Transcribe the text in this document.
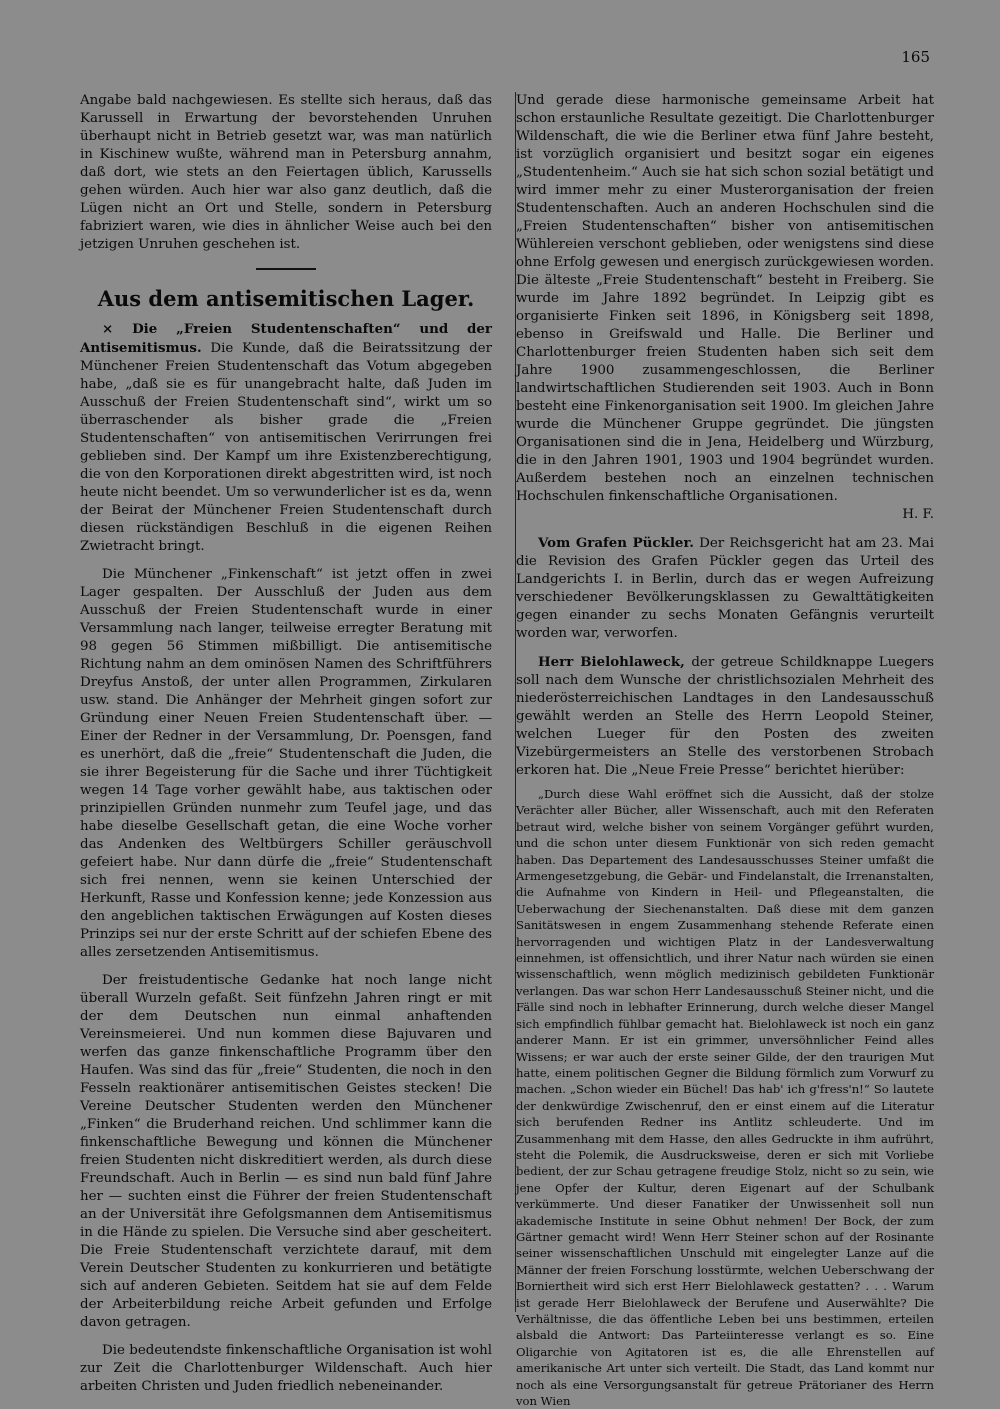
165

Angabe bald nachgewiesen. Es stellte sich heraus, daß das Karussell in Erwartung der bevorstehenden Unruhen überhaupt nicht in Betrieb gesetzt war, was man natürlich in Kischinew wußte, während man in Petersburg annahm, daß dort, wie stets an den Feiertagen üblich, Karussells gehen würden. Auch hier war also ganz deutlich, daß die Lügen nicht an Ort und Stelle, sondern in Petersburg fabriziert waren, wie dies in ähnlicher Weise auch bei den jetzigen Unruhen geschehen ist.

Aus dem antisemitischen Lager.

× Die „Freien Studentenschaften“ und der Antisemitismus. Die Kunde, daß die Beiratssitzung der Münchener Freien Studentenschaft das Votum abgegeben habe, „daß sie es für unangebracht halte, daß Juden im Ausschuß der Freien Studentenschaft sind“, wirkt um so überraschender als bisher grade die „Freien Studentenschaften“ von antisemitischen Verirrungen frei geblieben sind. Der Kampf um ihre Existenzberechtigung, die von den Korporationen direkt abgestritten wird, ist noch heute nicht beendet. Um so verwunderlicher ist es da, wenn der Beirat der Münchener Freien Studentenschaft durch diesen rückständigen Beschluß in die eigenen Reihen Zwietracht bringt.

Die Münchener „Finkenschaft“ ist jetzt offen in zwei Lager gespalten. Der Ausschluß der Juden aus dem Ausschuß der Freien Studentenschaft wurde in einer Versammlung nach langer, teilweise erregter Beratung mit 98 gegen 56 Stimmen mißbilligt. Die antisemitische Richtung nahm an dem ominösen Namen des Schriftführers Dreyfus Anstoß, der unter allen Programmen, Zirkularen usw. stand. Die Anhänger der Mehrheit gingen sofort zur Gründung einer Neuen Freien Studentenschaft über. — Einer der Redner in der Versammlung, Dr. Poensgen, fand es unerhört, daß die „freie“ Studentenschaft die Juden, die sie ihrer Begeisterung für die Sache und ihrer Tüchtigkeit wegen 14 Tage vorher gewählt habe, aus taktischen oder prinzipiellen Gründen nunmehr zum Teufel jage, und das habe dieselbe Gesellschaft getan, die eine Woche vorher das Andenken des Weltbürgers Schiller geräuschvoll gefeiert habe. Nur dann dürfe die „freie“ Studentenschaft sich frei nennen, wenn sie keinen Unterschied der Herkunft, Rasse und Konfession kenne; jede Konzession aus den angeblichen taktischen Erwägungen auf Kosten dieses Prinzips sei nur der erste Schritt auf der schiefen Ebene des alles zersetzenden Antisemitismus.

Der freistudentische Gedanke hat noch lange nicht überall Wurzeln gefaßt. Seit fünfzehn Jahren ringt er mit der dem Deutschen nun einmal anhaftenden Vereinsmeierei. Und nun kommen diese Bajuvaren und werfen das ganze finkenschaftliche Programm über den Haufen. Was sind das für „freie“ Studenten, die noch in den Fesseln reaktionärer antisemitischen Geistes stecken! Die Vereine Deutscher Studenten werden den Münchener „Finken“ die Bruderhand reichen. Und schlimmer kann die finkenschaftliche Bewegung und können die Münchener freien Studenten nicht diskreditiert werden, als durch diese Freundschaft. Auch in Berlin — es sind nun bald fünf Jahre her — suchten einst die Führer der freien Studentenschaft an der Universität ihre Gefolgsmannen dem Antisemitismus in die Hände zu spielen. Die Versuche sind aber gescheitert. Die Freie Studentenschaft verzichtete darauf, mit dem Verein Deutscher Studenten zu konkurrieren und betätigte sich auf anderen Gebieten. Seitdem hat sie auf dem Felde der Arbeiterbildung reiche Arbeit gefunden und Erfolge davon getragen.

Die bedeutendste finkenschaftliche Organisation ist wohl zur Zeit die Charlottenburger Wildenschaft. Auch hier arbeiten Christen und Juden friedlich nebeneinander.

Und gerade diese harmonische gemeinsame Arbeit hat schon erstaunliche Resultate gezeitigt. Die Charlottenburger Wildenschaft, die wie die Berliner etwa fünf Jahre besteht, ist vorzüglich organisiert und besitzt sogar ein eigenes „Studentenheim.“ Auch sie hat sich schon sozial betätigt und wird immer mehr zu einer Musterorganisation der freien Studentenschaften. Auch an anderen Hochschulen sind die „Freien Studentenschaften“ bisher von antisemitischen Wühlereien verschont geblieben, oder wenigstens sind diese ohne Erfolg gewesen und energisch zurückgewiesen worden. Die älteste „Freie Studentenschaft“ besteht in Freiberg. Sie wurde im Jahre 1892 begründet. In Leipzig gibt es organisierte Finken seit 1896, in Königsberg seit 1898, ebenso in Greifswald und Halle. Die Berliner und Charlottenburger freien Studenten haben sich seit dem Jahre 1900 zusammengeschlossen, die Berliner landwirtschaftlichen Studierenden seit 1903. Auch in Bonn besteht eine Finkenorganisation seit 1900. Im gleichen Jahre wurde die Münchener Gruppe gegründet. Die jüngsten Organisationen sind die in Jena, Heidelberg und Würzburg, die in den Jahren 1901, 1903 und 1904 begründet wurden. Außerdem bestehen noch an einzelnen technischen Hochschulen finkenschaftliche Organisationen.

H. F.

Vom Grafen Pückler. Der Reichsgericht hat am 23. Mai die Revision des Grafen Pückler gegen das Urteil des Landgerichts I. in Berlin, durch das er wegen Aufreizung verschiedener Bevölkerungsklassen zu Gewalttätigkeiten gegen einander zu sechs Monaten Gefängnis verurteilt worden war, verworfen.

Herr Bielohlaweck, der getreue Schildknappe Luegers soll nach dem Wunsche der christlichsozialen Mehrheit des niederösterreichischen Landtages in den Landesausschuß gewählt werden an Stelle des Herrn Leopold Steiner, welchen Lueger für den Posten des zweiten Vizebürgermeisters an Stelle des verstorbenen Strobach erkoren hat. Die „Neue Freie Presse“ berichtet hierüber:

„Durch diese Wahl eröffnet sich die Aussicht, daß der stolze Verächter aller Bücher, aller Wissenschaft, auch mit den Referaten betraut wird, welche bisher von seinem Vorgänger geführt wurden, und die schon unter diesem Funktionär von sich reden gemacht haben. Das Departement des Landesausschusses Steiner umfaßt die Armengesetzgebung, die Gebär- und Findelanstalt, die Irrenanstalten, die Aufnahme von Kindern in Heil- und Pflegeanstalten, die Ueberwachung der Siechenanstalten. Daß diese mit dem ganzen Sanitätswesen in engem Zusammenhang stehende Referate einen hervorragenden und wichtigen Platz in der Landesverwaltung einnehmen, ist offensichtlich, und ihrer Natur nach würden sie einen wissenschaftlich, wenn möglich medizinisch gebildeten Funktionär verlangen. Das war schon Herr Landesausschuß Steiner nicht, und die Fälle sind noch in lebhafter Erinnerung, durch welche dieser Mangel sich empfindlich fühlbar gemacht hat. Bielohlaweck ist noch ein ganz anderer Mann. Er ist ein grimmer, unversöhnlicher Feind alles Wissens; er war auch der erste seiner Gilde, der den traurigen Mut hatte, einem politischen Gegner die Bildung förmlich zum Vorwurf zu machen. „Schon wieder ein Büchel! Das hab' ich g'fress'n!“ So lautete der denkwürdige Zwischenruf, den er einst einem auf die Literatur sich berufenden Redner ins Antlitz schleuderte. Und im Zusammenhang mit dem Hasse, den alles Gedruckte in ihm aufrührt, steht die Polemik, die Ausdrucksweise, deren er sich mit Vorliebe bedient, der zur Schau getragene freudige Stolz, nicht so zu sein, wie jene Opfer der Kultur, deren Eigenart auf der Schulbank verkümmerte. Und dieser Fanatiker der Unwissenheit soll nun akademische Institute in seine Obhut nehmen! Der Bock, der zum Gärtner gemacht wird! Wenn Herr Steiner schon auf der Rosinante seiner wissenschaftlichen Unschuld mit eingelegter Lanze auf die Männer der freien Forschung losstürmte, welchen Ueberschwang der Borniertheit wird sich erst Herr Bielohlaweck gestatten? . . . Warum ist gerade Herr Bielohlaweck der Berufene und Auserwählte? Die Verhältnisse, die das öffentliche Leben bei uns bestimmen, erteilen alsbald die Antwort: Das Parteiinteresse verlangt es so. Eine Oligarchie von Agitatoren ist es, die alle Ehrenstellen auf amerikanische Art unter sich verteilt. Die Stadt, das Land kommt nur noch als eine Versorgungsanstalt für getreue Prätorianer des Herrn von Wien
